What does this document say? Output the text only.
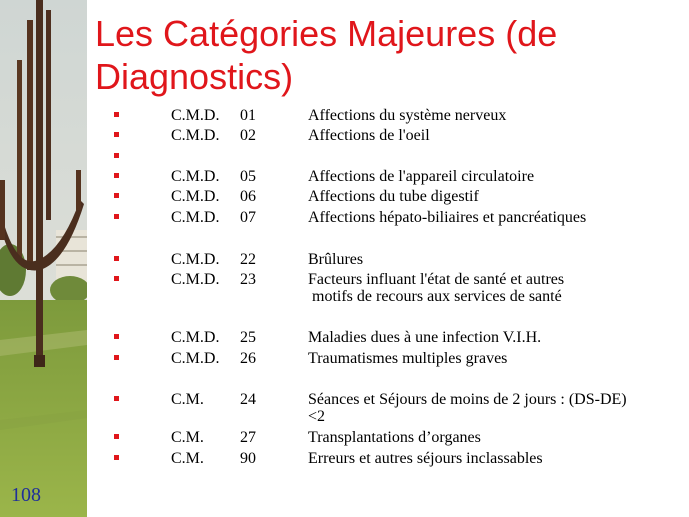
Les Catégories Majeures (de Diagnostics)
C.M.D. 01	Affections du système nerveux
C.M.D. 02	Affections de l'oeil
C.M.D. 05	Affections de l'appareil circulatoire
C.M.D. 06	Affections du tube digestif
C.M.D. 07	Affections hépato-biliaires et pancréatiques
C.M.D. 22	Brûlures
C.M.D. 23	Facteurs influant l'état de santé et autres
motifs de recours aux services de santé
C.M.D. 25	Maladies dues à une infection V.I.H.
C.M.D. 26	Traumatismes multiples graves
C.M. 24	Séances et Séjours de moins de 2 jours : (DS-DE)
<2
C.M. 27	Transplantations d’organes
C.M. 90	Erreurs et autres séjours inclassables
108
